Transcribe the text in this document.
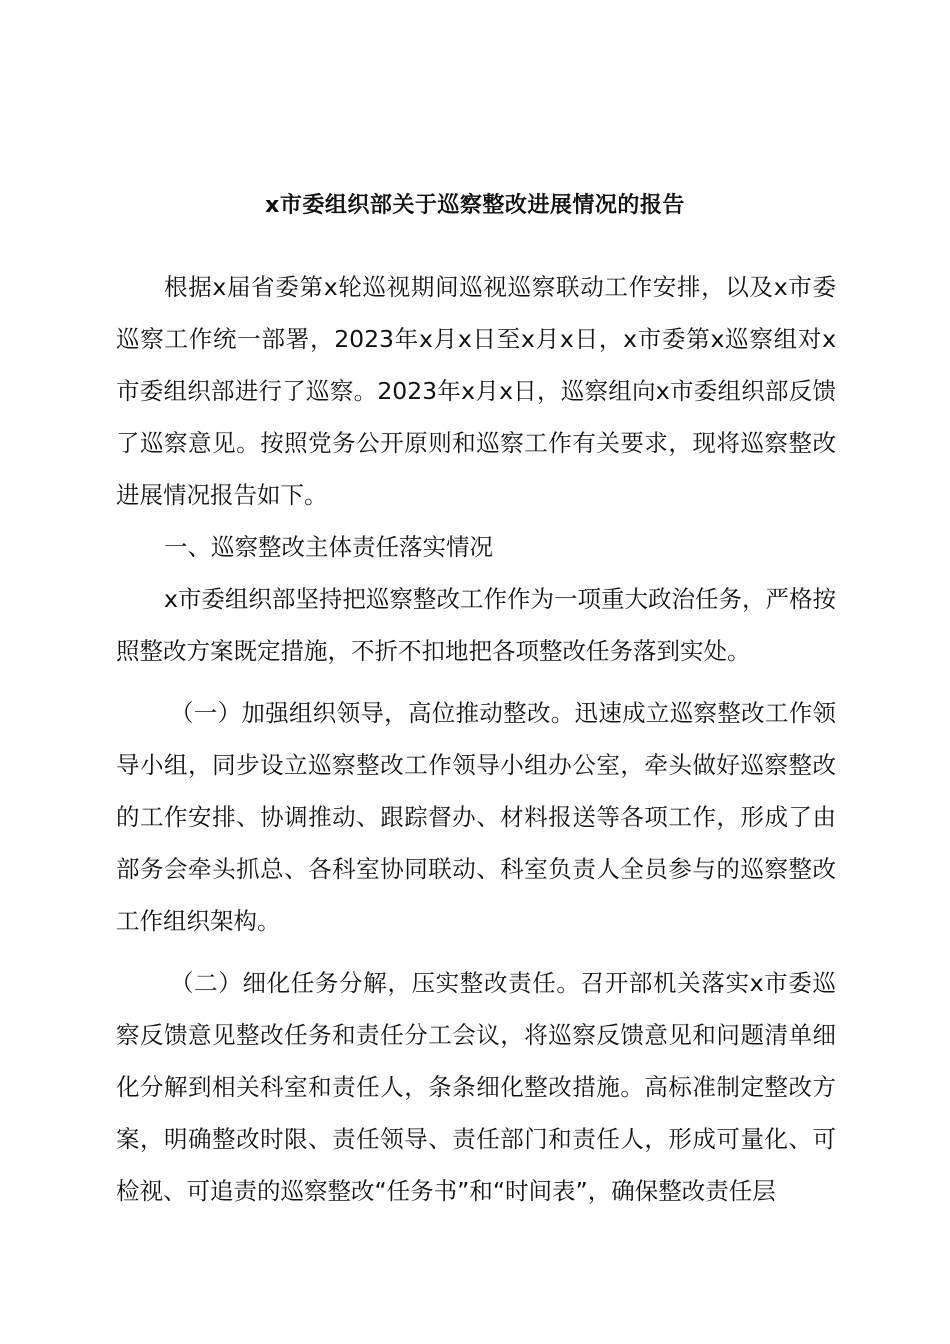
x市委组织部关于巡察整改进展情况的报告

根据x届省委第x轮巡视期间巡视巡察联动工作安排，以及x市委巡察工作统一部署，2023年x月x日至x月x日，x市委第x巡察组对x市委组织部进行了巡察。2023年x月x日，巡察组向x市委组织部反馈了巡察意见。按照党务公开原则和巡察工作有关要求，现将巡察整改进展情况报告如下。

一、巡察整改主体责任落实情况

x市委组织部坚持把巡察整改工作作为一项重大政治任务，严格按照整改方案既定措施，不折不扣地把各项整改任务落到实处。

（一）加强组织领导，高位推动整改。迅速成立巡察整改工作领导小组，同步设立巡察整改工作领导小组办公室，牵头做好巡察整改的工作安排、协调推动、跟踪督办、材料报送等各项工作，形成了由部务会牵头抓总、各科室协同联动、科室负责人全员参与的巡察整改工作组织架构。

（二）细化任务分解，压实整改责任。召开部机关落实x市委巡察反馈意见整改任务和责任分工会议，将巡察反馈意见和问题清单细化分解到相关科室和责任人，条条细化整改措施。高标准制定整改方案，明确整改时限、责任领导、责任部门和责任人，形成可量化、可检视、可追责的巡察整改“任务书”和“时间表”，确保整改责任层
